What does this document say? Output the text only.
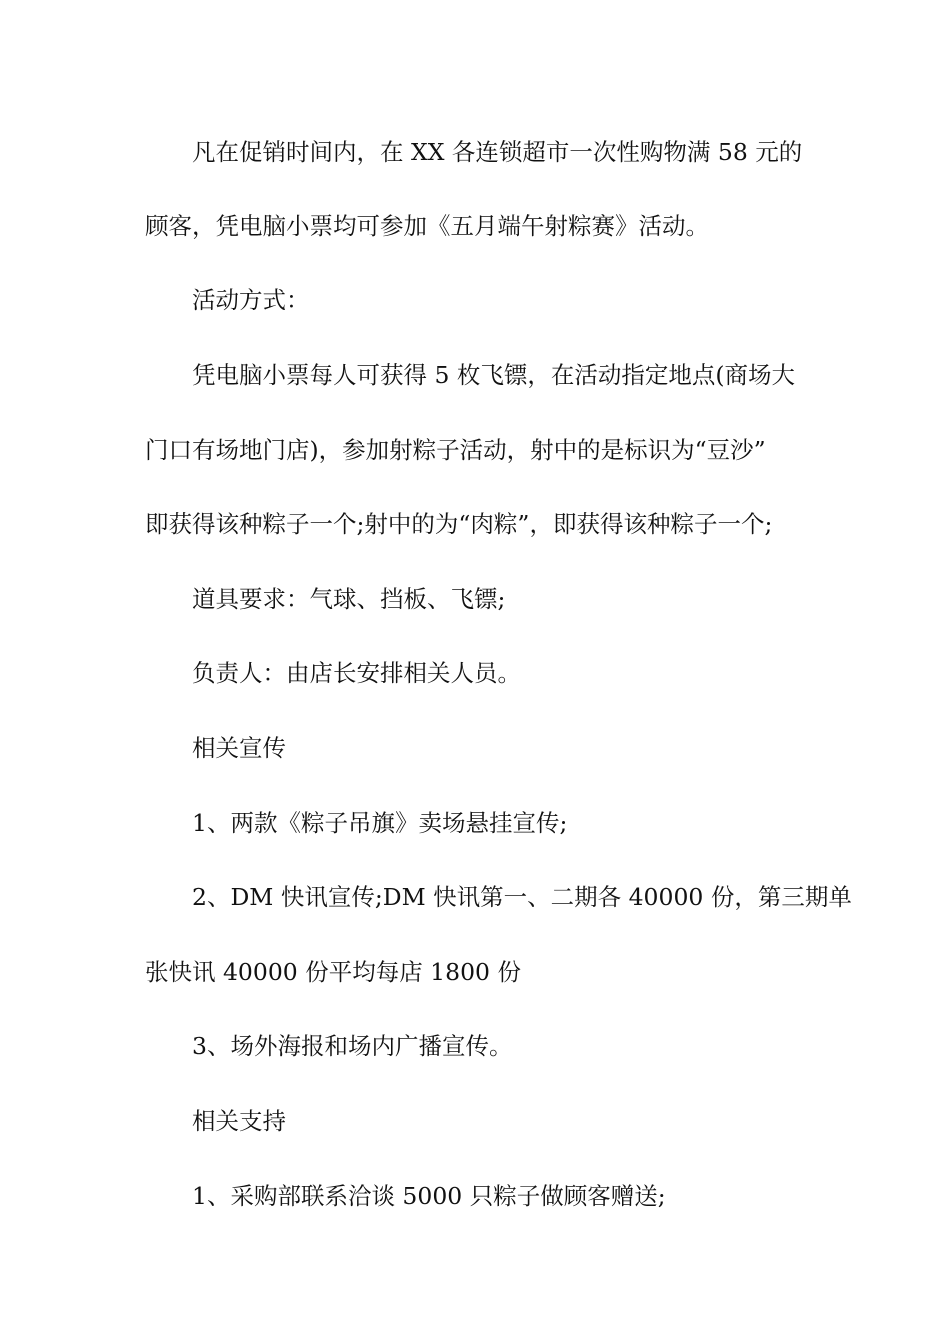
凡在促销时间内，在 XX 各连锁超市一次性购物满 58 元的
顾客，凭电脑小票均可参加《五月端午射粽赛》活动。
活动方式：
凭电脑小票每人可获得 5 枚飞镖，在活动指定地点(商场大
门口有场地门店)，参加射粽子活动，射中的是标识为“豆沙”
即获得该种粽子一个;射中的为“肉粽”，即获得该种粽子一个;
道具要求：气球、挡板、飞镖;
负责人：由店长安排相关人员。
相关宣传
1、两款《粽子吊旗》卖场悬挂宣传;
2、DM 快讯宣传;DM 快讯第一、二期各 40000 份，第三期单
张快讯 40000 份平均每店 1800 份
3、场外海报和场内广播宣传。
相关支持
1、采购部联系洽谈 5000 只粽子做顾客赠送;
